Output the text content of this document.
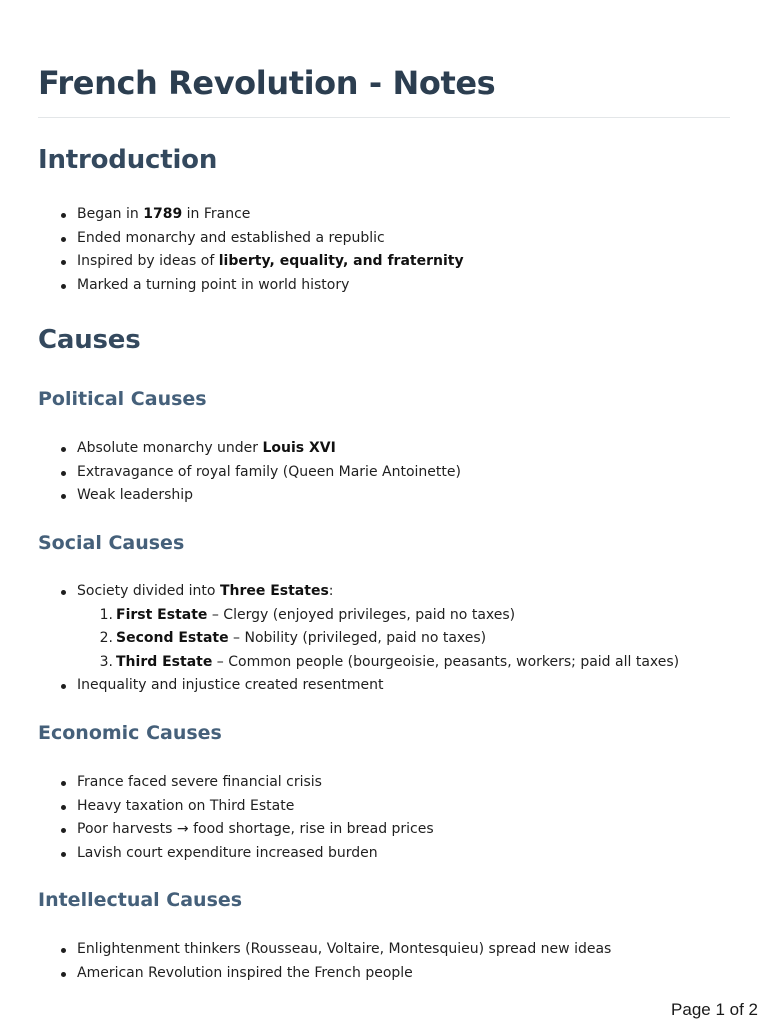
French Revolution - Notes
Introduction
Began in 1789 in France
Ended monarchy and established a republic
Inspired by ideas of liberty, equality, and fraternity
Marked a turning point in world history
Causes
Political Causes
Absolute monarchy under Louis XVI
Extravagance of royal family (Queen Marie Antoinette)
Weak leadership
Social Causes
Society divided into Three Estates:
1. First Estate – Clergy (enjoyed privileges, paid no taxes)
2. Second Estate – Nobility (privileged, paid no taxes)
3. Third Estate – Common people (bourgeoisie, peasants, workers; paid all taxes)
Inequality and injustice created resentment
Economic Causes
France faced severe financial crisis
Heavy taxation on Third Estate
Poor harvests → food shortage, rise in bread prices
Lavish court expenditure increased burden
Intellectual Causes
Enlightenment thinkers (Rousseau, Voltaire, Montesquieu) spread new ideas
American Revolution inspired the French people
Page 1 of 2
